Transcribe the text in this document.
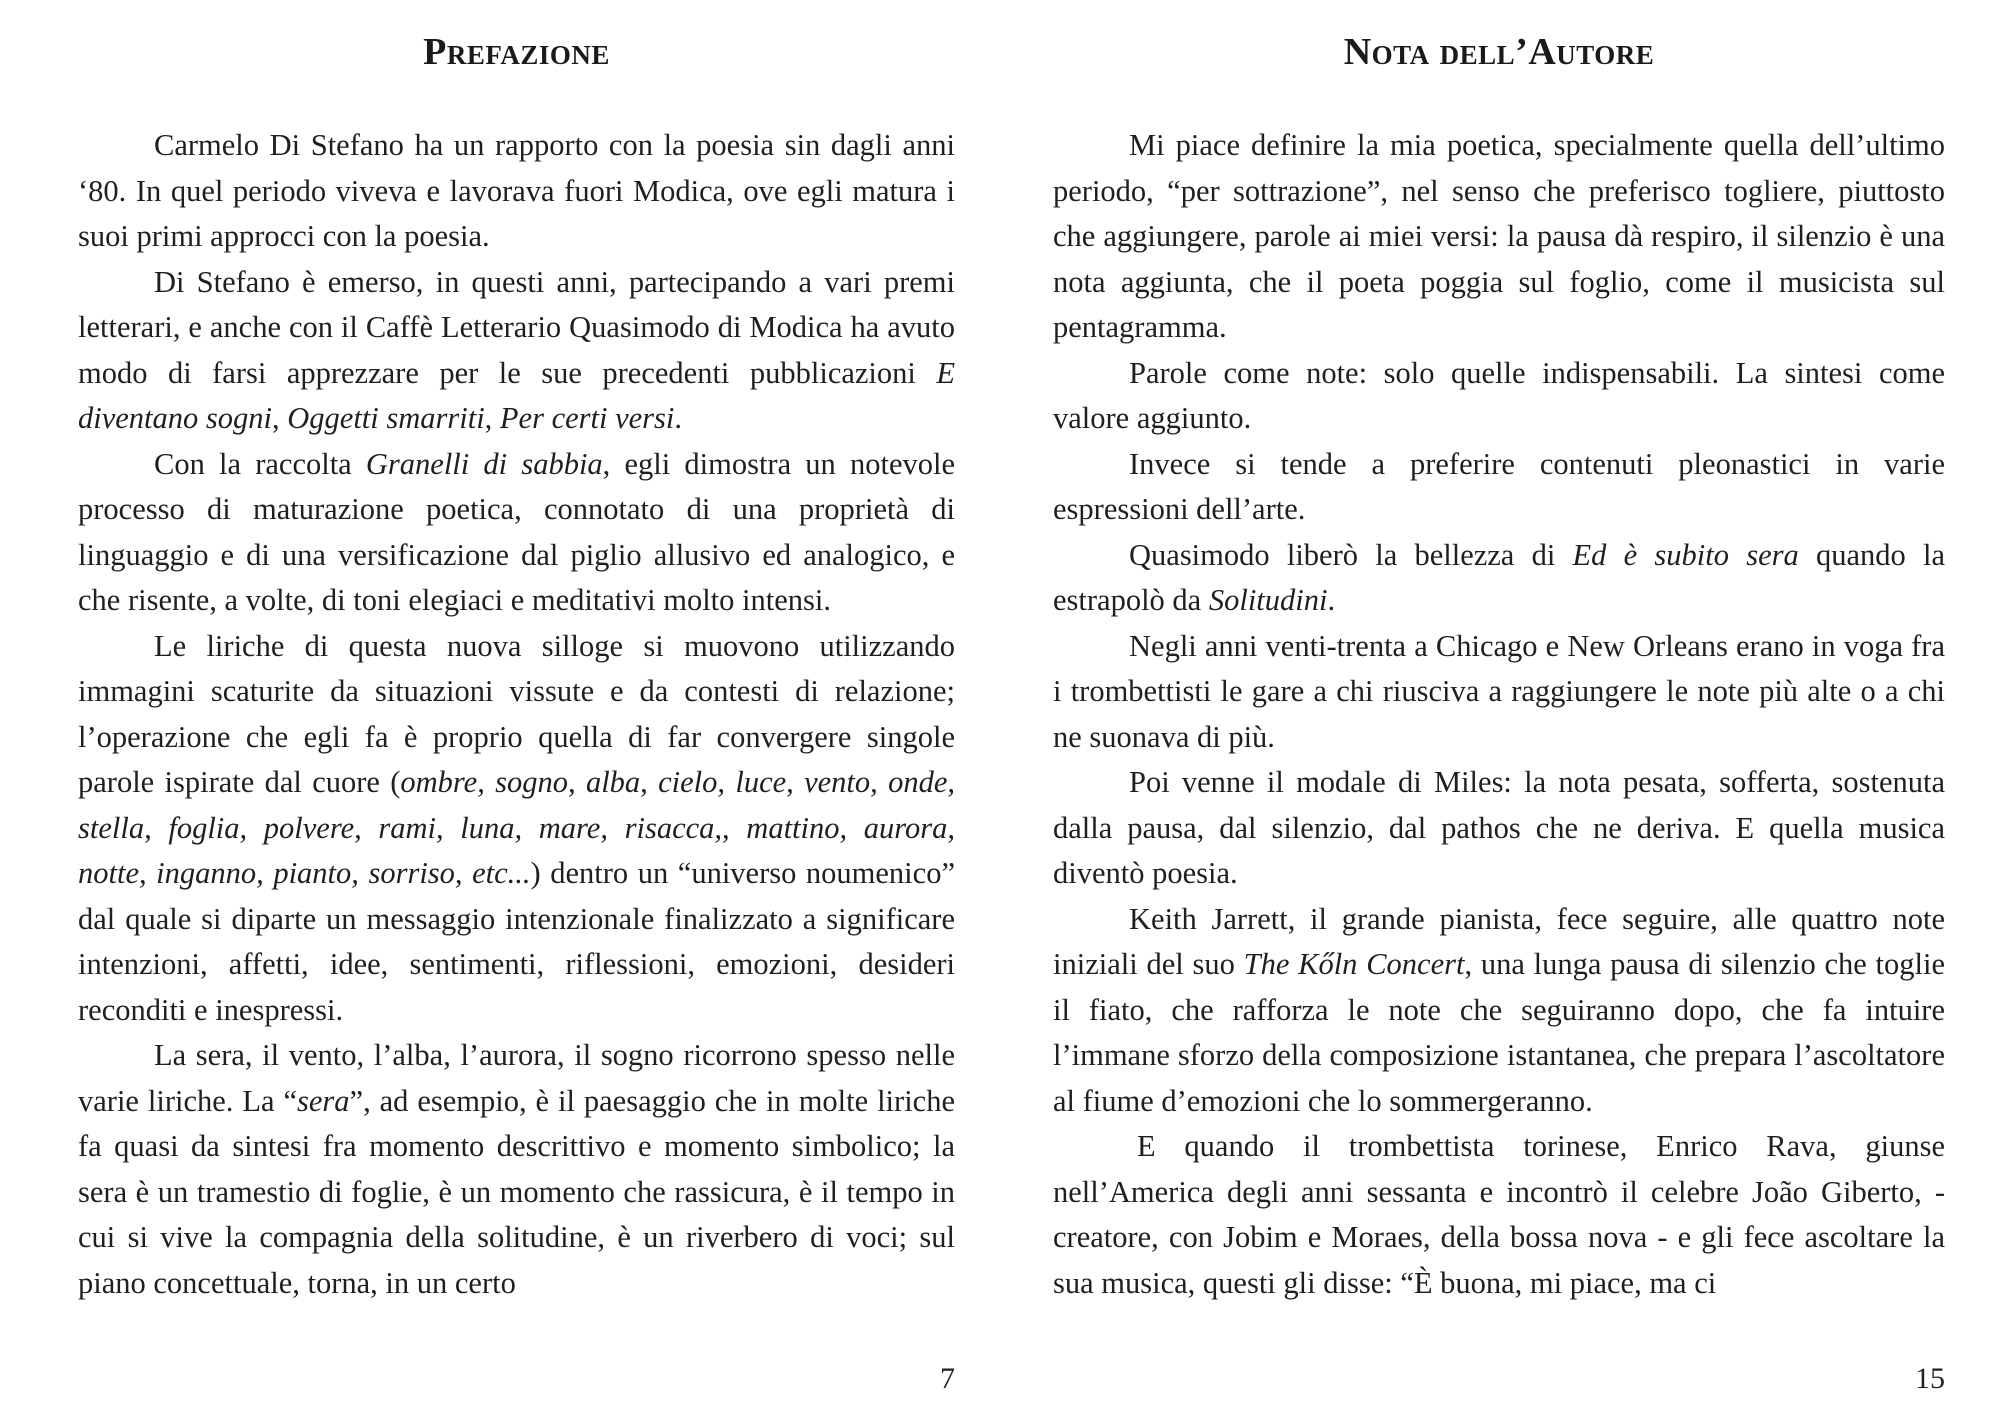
Prefazione

Carmelo Di Stefano ha un rapporto con la poesia sin dagli anni ‘80. In quel periodo viveva e lavorava fuori Modica, ove egli matura i suoi primi approcci con la poesia.

Di Stefano è emerso, in questi anni, partecipando a vari premi letterari, e anche con il Caffè Letterario Quasimodo di Modica ha avuto modo di farsi apprezzare per le sue precedenti pubblicazioni E diventano sogni, Oggetti smarriti, Per certi versi.

Con la raccolta Granelli di sabbia, egli dimostra un notevole processo di maturazione poetica, connotato di una proprietà di linguaggio e di una versificazione dal piglio allusivo ed analogico, e che risente, a volte, di toni elegiaci e meditativi molto intensi.

Le liriche di questa nuova silloge si muovono utilizzando immagini scaturite da situazioni vissute e da contesti di relazione; l’operazione che egli fa è proprio quella di far convergere singole parole ispirate dal cuore (ombre, sogno, alba, cielo, luce, vento, onde, stella, foglia, polvere, rami, luna, mare, risacca,, mattino, aurora, notte, inganno, pianto, sorriso, etc...) dentro un “universo noumenico” dal quale si diparte un messaggio intenzionale finalizzato a significare intenzioni, affetti, idee, sentimenti, riflessioni, emozioni, desideri reconditi e inespressi.

La sera, il vento, l’alba, l’aurora, il sogno ricorrono spesso nelle varie liriche. La “sera”, ad esempio, è il paesaggio che in molte liriche fa quasi da sintesi fra momento descrittivo e momento simbolico; la sera è un tramestio di foglie, è un momento che rassicura, è il tempo in cui si vive la compagnia della solitudine, è un riverbero di voci; sul piano concettuale, torna, in un certo

7
Nota dell’Autore

Mi piace definire la mia poetica, specialmente quella dell’ultimo periodo, “per sottrazione”, nel senso che preferisco togliere, piuttosto che aggiungere, parole ai miei versi: la pausa dà respiro, il silenzio è una nota aggiunta, che il poeta poggia sul foglio, come il musicista sul pentagramma.

Parole come note: solo quelle indispensabili. La sintesi come valore aggiunto.

Invece si tende a preferire contenuti pleonastici in varie espressioni dell’arte.

Quasimodo liberò la bellezza di Ed è subito sera quando la estrapolò da Solitudini.

Negli anni venti-trenta a Chicago e New Orleans erano in voga fra i trombettisti le gare a chi riusciva a raggiungere le note più alte o a chi ne suonava di più.

Poi venne il modale di Miles: la nota pesata, sofferta, sostenuta dalla pausa, dal silenzio, dal pathos che ne deriva. E quella musica diventò poesia.

Keith Jarrett, il grande pianista, fece seguire, alle quattro note iniziali del suo The Kőln Concert, una lunga pausa di silenzio che toglie il fiato, che rafforza le note che seguiranno dopo, che fa intuire l’immane sforzo della composizione istantanea, che prepara l’ascoltatore al fiume d’emozioni che lo sommergeranno.

E quando il trombettista torinese, Enrico Rava, giunse nell’America degli anni sessanta e incontrò il celebre João Giberto, - creatore, con Jobim e Moraes, della bossa nova - e gli fece ascoltare la sua musica, questi gli disse: “È buona, mi piace, ma ci

15
